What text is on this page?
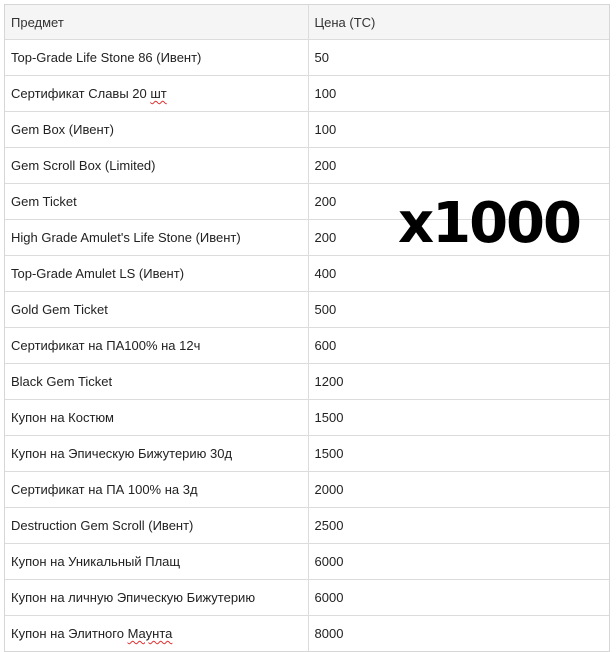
Предмет	Цена (TC)
Top-Grade Life Stone 86 (Ивент)	50
Сертификат Славы 20 шт	100
Gem Box (Ивент)	100
Gem Scroll Box (Limited)	200
Gem Ticket	200
High Grade Amulet's Life Stone (Ивент)	200
Top-Grade Amulet LS (Ивент)	400
Gold Gem Ticket	500
Сертификат на ПА100% на 12ч	600
Black Gem Ticket	1200
Купон на Костюм	1500
Купон на Эпическую Бижутерию 30д	1500
Сертификат на ПА 100% на 3д	2000
Destruction Gem Scroll (Ивент)	2500
Купон на Уникальный Плащ	6000
Купон на личную Эпическую Бижутерию	6000
Купон на Элитного Маунта	8000
x1000
